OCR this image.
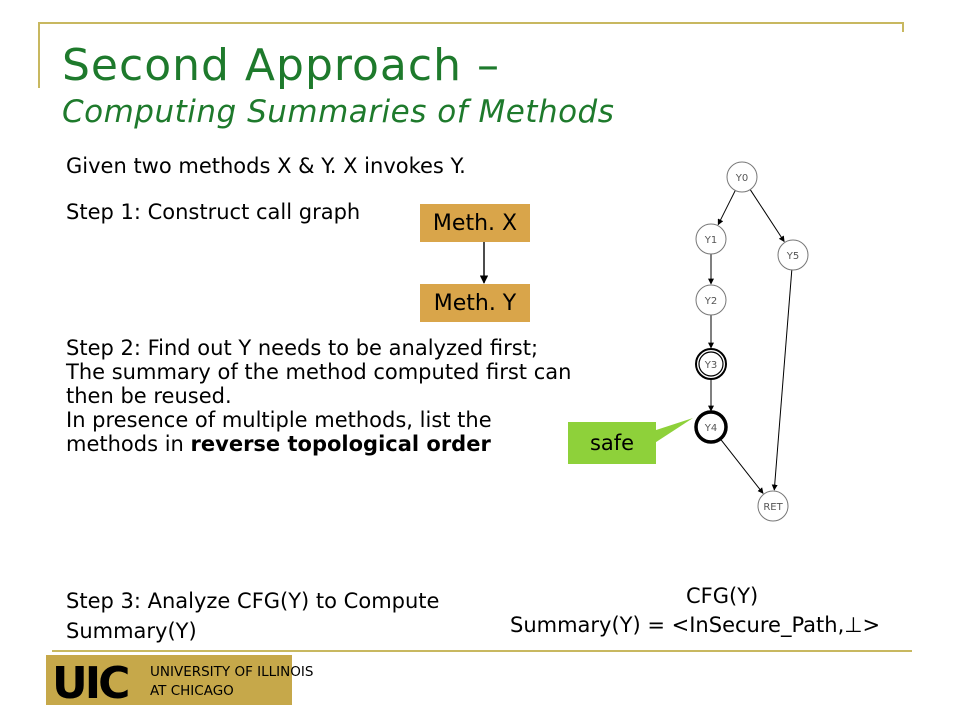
Second Approach –
Computing Summaries of Methods
Given two methods X & Y. X invokes Y.
Step 1: Construct call graph	Meth. X
Meth. Y

Step 2: Find out Y needs to be analyzed first;

The summary of the method computed first can then be reused.

In presence of multiple methods, list the methods in reverse topological order

Step 3: Analyze CFG(Y) to Compute Summary(Y)
Y0
Y1
Y2
Y3
Y4
Y5
RET
safe
CFG(Y)
Summary(Y) = <InSecure_Path,⊥>
UIC UNIVERSITY OF ILLINOIS
AT CHICAGO
